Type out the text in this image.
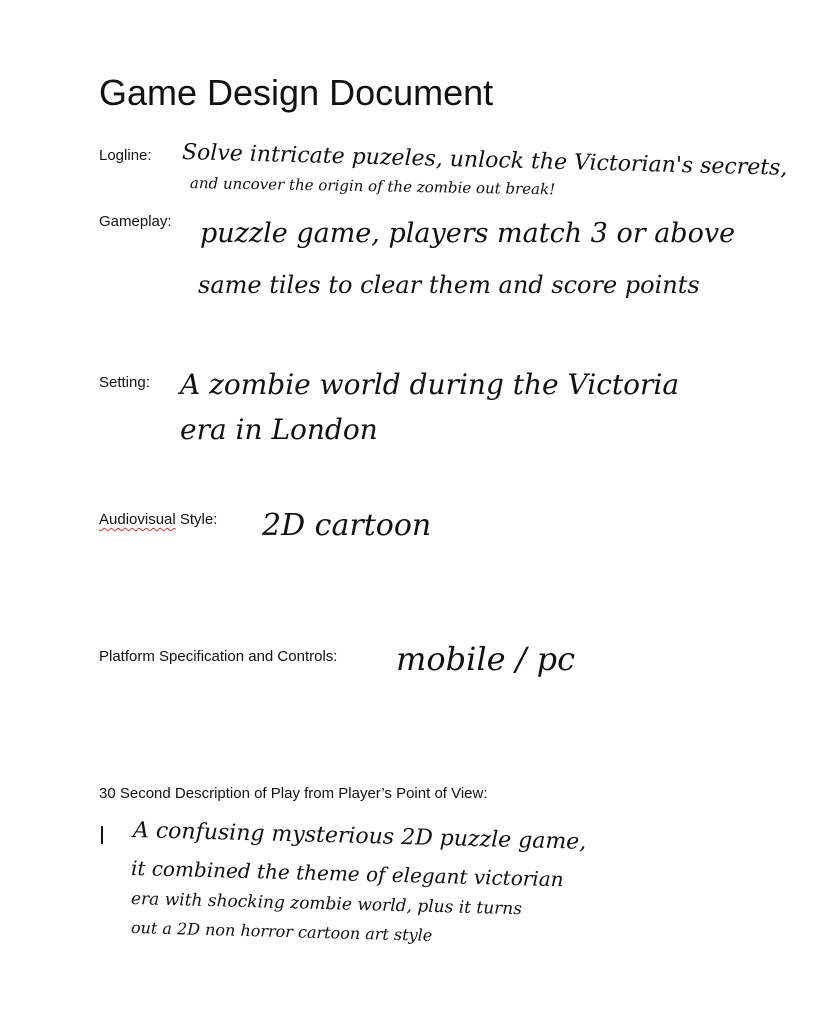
Game Design Document
Logline: Solve intricate puzeles, unlock the Victorian's secrets,
and uncover the origin of the zombie out break!
Gameplay: puzzle game, players match 3 or above
same tiles to clear them and score points
Setting: A zombie world during the Victoria
era in London
Audiovisual Style: 2D cartoon
Platform Specification and Controls: mobile / pc
30 Second Description of Play from Player’s Point of View:
A confusing mysterious 2D puzzle game,
it combined the theme of elegant victorian
era with shocking zombie world, plus it turns
out a 2D non horror cartoon art style
